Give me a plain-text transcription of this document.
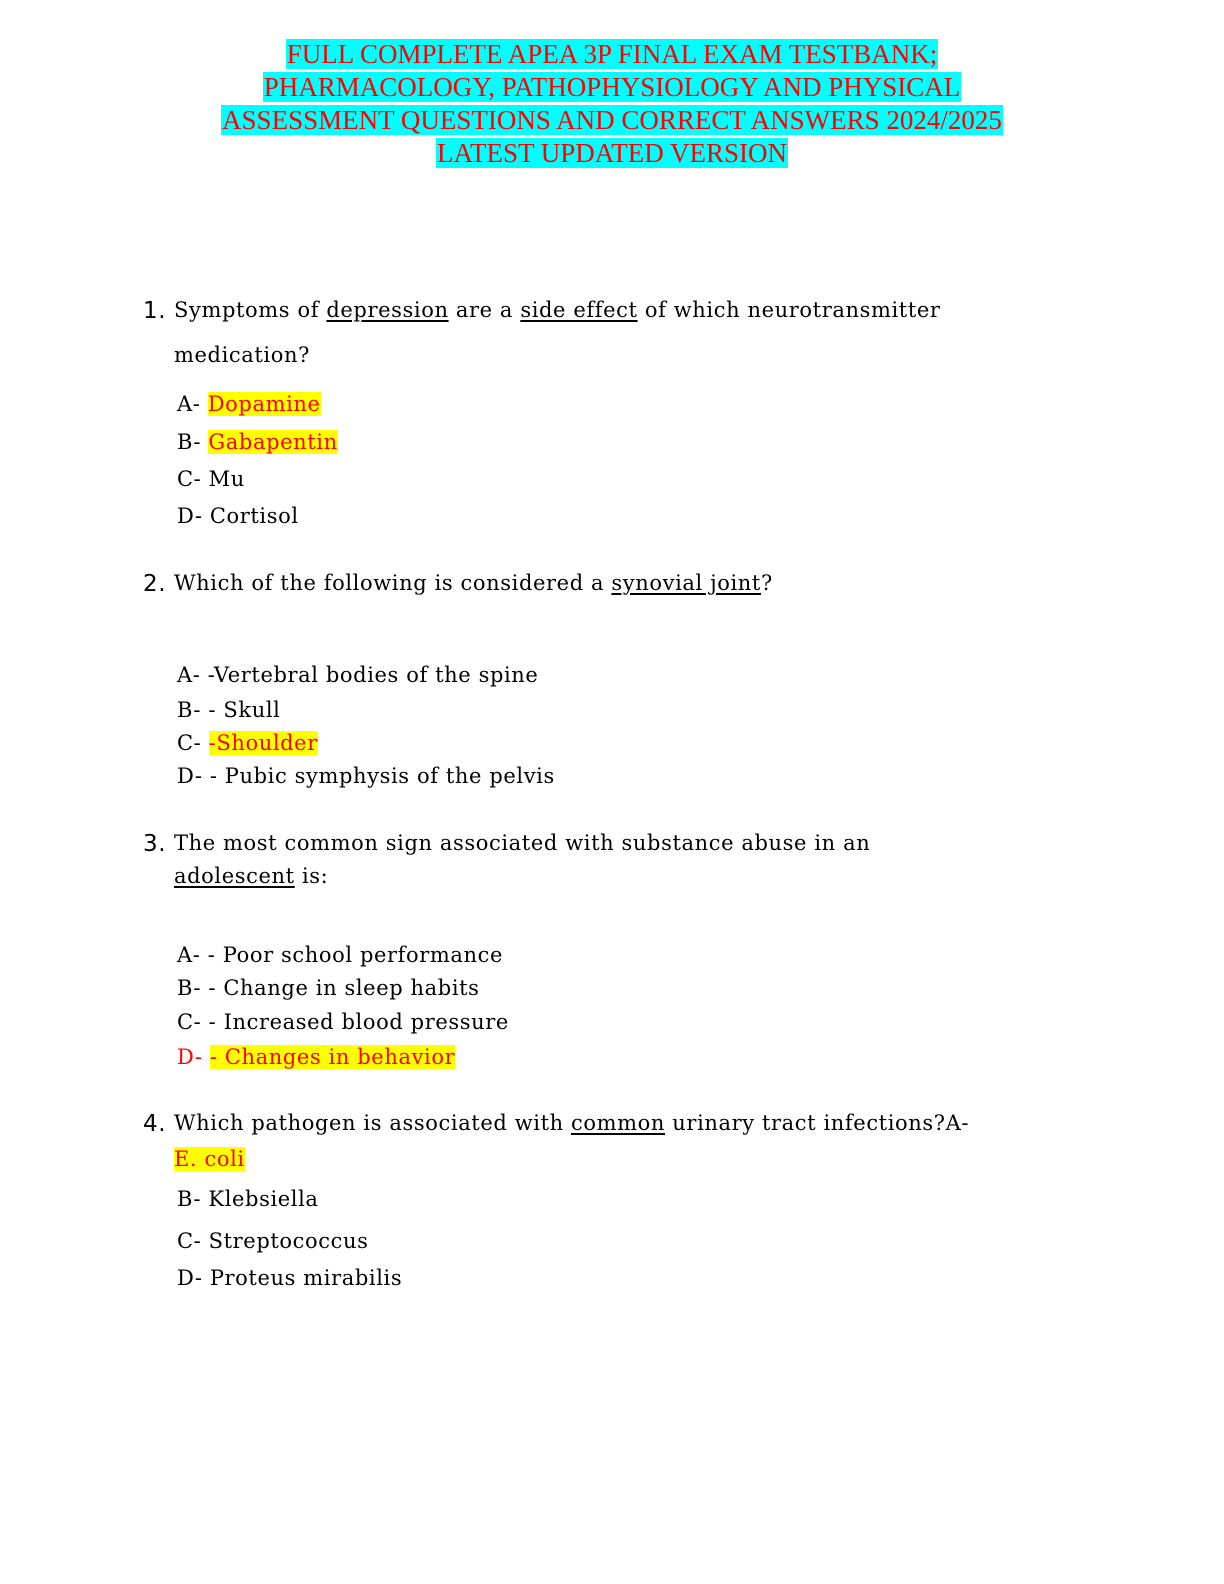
FULL COMPLETE APEA 3P FINAL EXAM TESTBANK;
PHARMACOLOGY, PATHOPHYSIOLOGY AND PHYSICAL
ASSESSMENT QUESTIONS AND CORRECT ANSWERS 2024/2025
LATEST UPDATED VERSION
1. Symptoms of depression are a side effect of which neurotransmitter
medication?
A- Dopamine
B- Gabapentin
C- Mu
D- Cortisol
2. Which of the following is considered a synovial joint?
A- -Vertebral bodies of the spine
B- - Skull
C- -Shoulder
D- - Pubic symphysis of the pelvis
3. The most common sign associated with substance abuse in an
adolescent is:
A- - Poor school performance
B- - Change in sleep habits
C- - Increased blood pressure
D- - Changes in behavior
4. Which pathogen is associated with common urinary tract infections?A-
E. coli
B- Klebsiella
C- Streptococcus
D- Proteus mirabilis
